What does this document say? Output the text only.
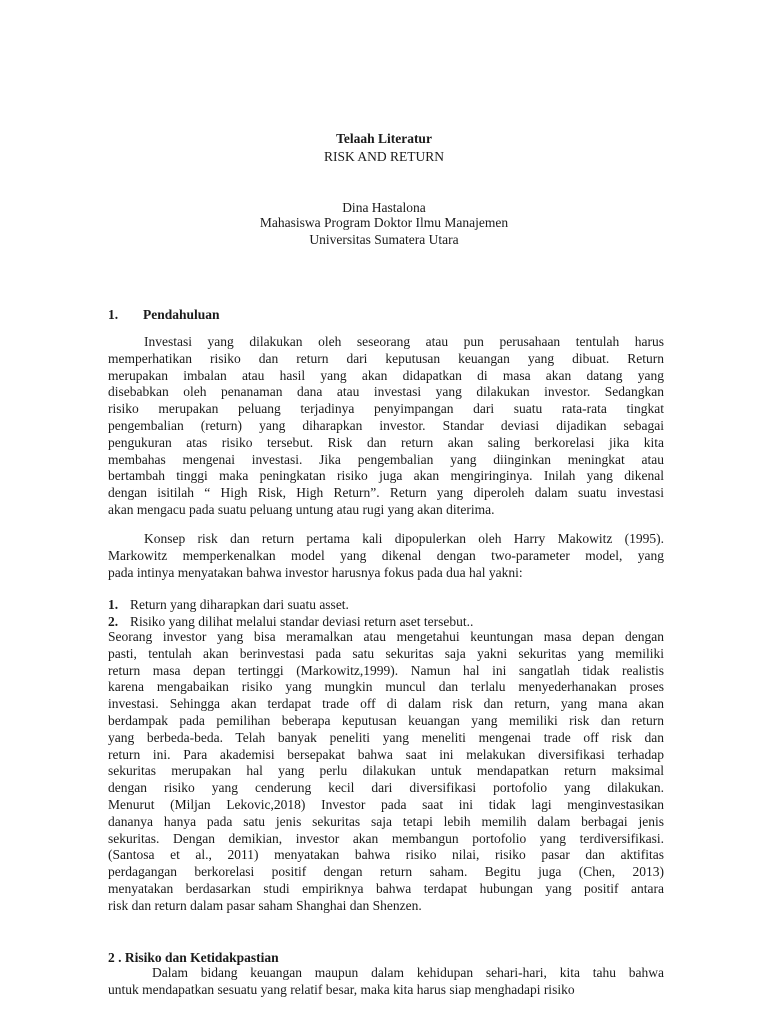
Telaah Literatur
RISK AND RETURN
Dina Hastalona
Mahasiswa Program Doktor Ilmu Manajemen
Universitas Sumatera Utara
1. Pendahuluan
Investasi yang dilakukan oleh seseorang atau pun perusahaan tentulah harus
memperhatikan risiko dan return dari keputusan keuangan yang dibuat. Return
merupakan imbalan atau hasil yang akan didapatkan di masa akan datang yang
disebabkan oleh penanaman dana atau investasi yang dilakukan investor. Sedangkan
risiko merupakan peluang terjadinya penyimpangan dari suatu rata-rata tingkat
pengembalian (return) yang diharapkan investor. Standar deviasi dijadikan sebagai
pengukuran atas risiko tersebut. Risk dan return akan saling berkorelasi jika kita
membahas mengenai investasi. Jika pengembalian yang diinginkan meningkat atau
bertambah tinggi maka peningkatan risiko juga akan mengiringinya. Inilah yang dikenal
dengan isitilah “ High Risk, High Return”. Return yang diperoleh dalam suatu investasi
akan mengacu pada suatu peluang untung atau rugi yang akan diterima.
Konsep risk dan return pertama kali dipopulerkan oleh Harry Makowitz (1995).
Markowitz memperkenalkan model yang dikenal dengan two-parameter model, yang
pada intinya menyatakan bahwa investor harusnya fokus pada dua hal yakni:
1. Return yang diharapkan dari suatu asset.
2. Risiko yang dilihat melalui standar deviasi return aset tersebut..
Seorang investor yang bisa meramalkan atau mengetahui keuntungan masa depan dengan
pasti, tentulah akan berinvestasi pada satu sekuritas saja yakni sekuritas yang memiliki
return masa depan tertinggi (Markowitz,1999). Namun hal ini sangatlah tidak realistis
karena mengabaikan risiko yang mungkin muncul dan terlalu menyederhanakan proses
investasi. Sehingga akan terdapat trade off di dalam risk dan return, yang mana akan
berdampak pada pemilihan beberapa keputusan keuangan yang memiliki risk dan return
yang berbeda-beda. Telah banyak peneliti yang meneliti mengenai trade off risk dan
return ini. Para akademisi bersepakat bahwa saat ini melakukan diversifikasi terhadap
sekuritas merupakan hal yang perlu dilakukan untuk mendapatkan return maksimal
dengan risiko yang cenderung kecil dari diversifikasi portofolio yang dilakukan.
Menurut (Miljan Lekovic,2018) Investor pada saat ini tidak lagi menginvestasikan
dananya hanya pada satu jenis sekuritas saja tetapi lebih memilih dalam berbagai jenis
sekuritas. Dengan demikian, investor akan membangun portofolio yang terdiversifikasi.
(Santosa et al., 2011) menyatakan bahwa risiko nilai, risiko pasar dan aktifitas
perdagangan berkorelasi positif dengan return saham. Begitu juga (Chen, 2013)
menyatakan berdasarkan studi empiriknya bahwa terdapat hubungan yang positif antara
risk dan return dalam pasar saham Shanghai dan Shenzen.
2 . Risiko dan Ketidakpastian
Dalam bidang keuangan maupun dalam kehidupan sehari-hari, kita tahu bahwa
untuk mendapatkan sesuatu yang relatif besar, maka kita harus siap menghadapi risiko
